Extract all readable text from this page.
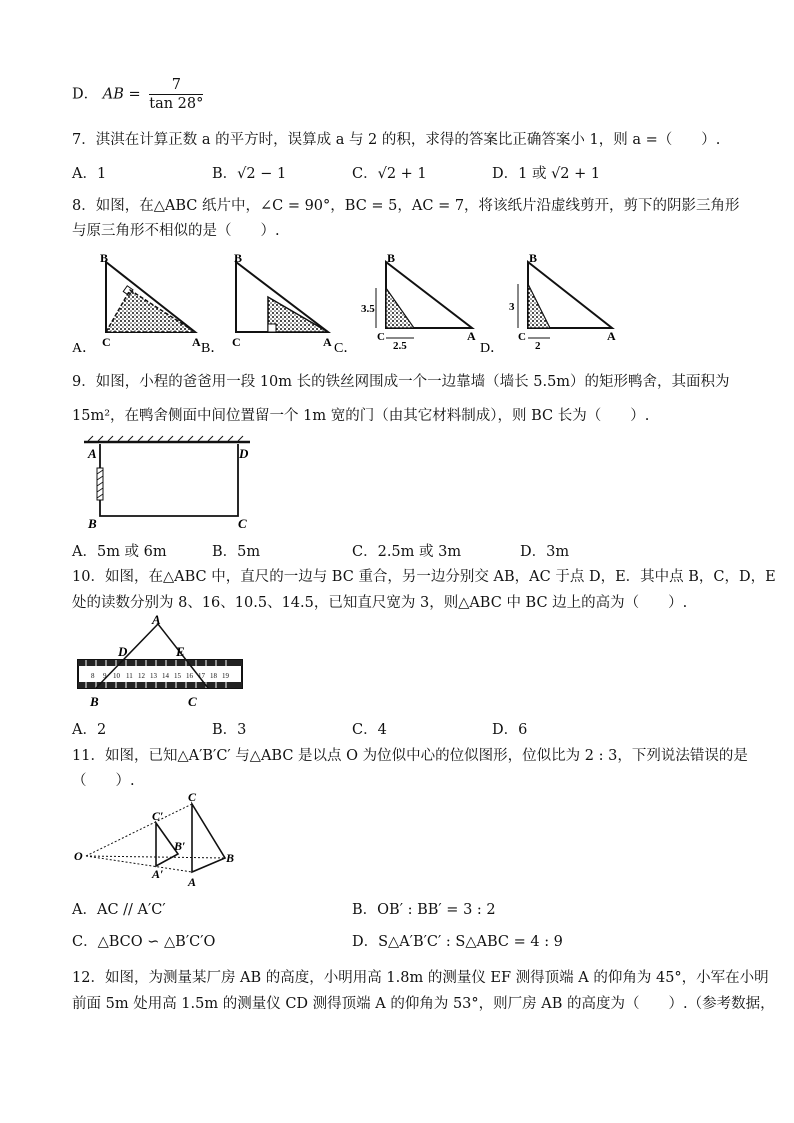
D． AB = $\frac{7}{\tan 28^\circ}$
7．淇淇在计算正数 a 的平方时，误算成 a 与 2 的积，求得的答案比正确答案小 1，则 a =（　　）.
A．1	B．√2 − 1	C．√2 + 1	D．1 或 √2 + 1
8．如图，在△ABC 纸片中，∠C = 90°，BC = 5，AC = 7，将该纸片沿虚线剪开，剪下的阴影三角形
与原三角形不相似的是（　　）.
B
C	A
A．
B
C	A
B．
3.5
2.5
B
C	A
C．
3
2
B
C	A
D．
9．如图，小程的爸爸用一段 10m 长的铁丝网围成一个一边靠墙（墙长 5.5m）的矩形鸭舍，其面积为
15m²，在鸭舍侧面中间位置留一个 1m 宽的门（由其它材料制成），则 BC 长为（　　）.
A	D
B	C
A．5m 或 6m	B．5m	C．2.5m 或 3m	D．3m
10．如图，在△ABC 中，直尺的一边与 BC 重合，另一边分别交 AB，AC 于点 D，E．其中点 B，C，D，E
处的读数分别为 8、16、10.5、14.5，已知直尺宽为 3，则△ABC 中 BC 边上的高为（　　）.
8 9 10 11 12 13 14 15 16 17 18 19
A
D	E
B	C
A．2	B．3	C．4	D．6
11．如图，已知△A′B′C′ 与△ABC 是以点 O 为位似中心的位似图形，位似比为 2 : 3，下列说法错误的是
（　　）.
O
C′
B′
A′
C
B
A
A．AC // A′C′	B．OB′ : BB′ = 3 : 2
C．△BCO ∽ △B′C′O	D．S△A′B′C′ : S△ABC = 4 : 9
12．如图，为测量某厂房 AB 的高度，小明用高 1.8m 的测量仪 EF 测得顶端 A 的仰角为 45°，小军在小明
前面 5m 处用高 1.5m 的测量仪 CD 测得顶端 A 的仰角为 53°，则厂房 AB 的高度为（　　）.（参考数据，
